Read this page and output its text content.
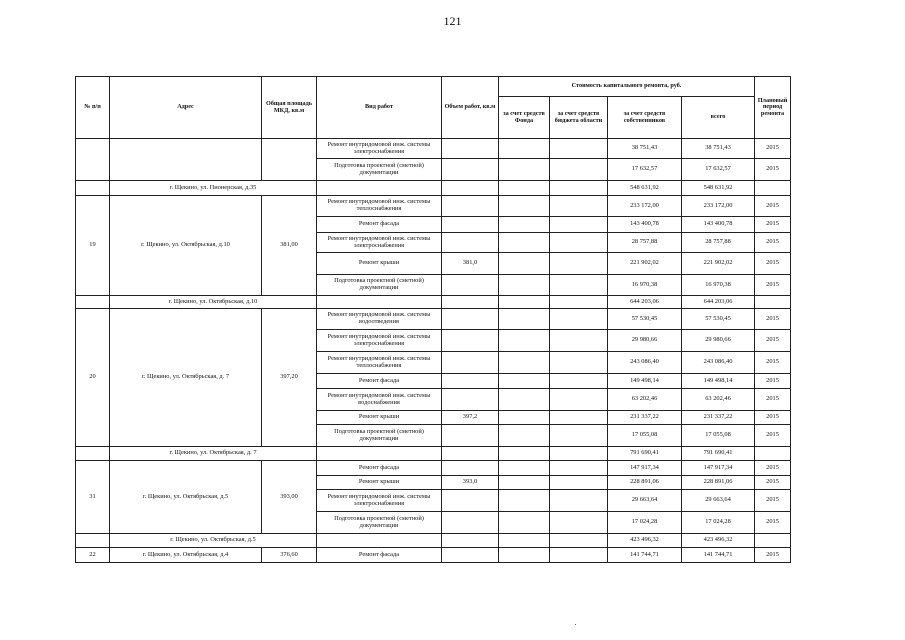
121
№ п/п	Адрес	Общая площадь МКД, кв.м	Вид работ	Объем работ, кв.м	Стоимость капитального ремонта, руб.				Плановый период ремонта
					за счет средств Фонда	за счет средств бюджета области	за счет средств собственников	всего	
			Ремонт внутридомовой инж. системы электроснабжения				38 751,43	38 751,43	2015
			Подготовка проектной (сметной) документации				17 632,57	17 632,57	2015
	г. Щекино, ул. Пионерская, д.35						548 631,92	548 631,92	
19	г. Щекино, ул. Октябрьская, д.10	381,00	Ремонт внутридомовой инж. системы теплоснабжения				233 172,00	233 172,00	2015
			Ремонт фасада				143 400,78	143 400,78	2015
			Ремонт внутридомовой инж. системы электроснабжения				28 757,88	28 757,88	2015
			Ремонт крыши	381,0			221 902,02	221 902,02	2015
			Подготовка проектной (сметной) документации				16 970,38	16 970,38	2015
	г. Щекино, ул. Октябрьская, д.10						644 203,06	644 203,06	
20	г. Щекино, ул. Октябрьская, д. 7	397,20	Ремонт внутридомовой инж. системы водоотведения				57 530,45	57 530,45	2015
			Ремонт внутридомовой инж. системы электроснабжения				29 980,66	29 980,66	2015
			Ремонт внутридомовой инж. системы теплоснабжения				243 086,40	243 086,40	2015
			Ремонт фасада				149 498,14	149 498,14	2015
			Ремонт внутридомовой инж. системы водоснабжения				63 202,46	63 202,46	2015
			Ремонт крыши	397,2			231 337,22	231 337,22	2015
			Подготовка проектной (сметной) документации				17 055,08	17 055,08	2015
	г. Щекино, ул. Октябрьская, д. 7						791 690,41	791 690,41	
31	г. Щекино, ул. Октябрьская, д.5	393,00	Ремонт фасада				147 917,34	147 917,34	2015
			Ремонт крыши	393,0			228 891,06	228 891,06	2015
			Ремонт внутридомовой инж. системы электроснабжения				29 663,64	29 663,64	2015
			Подготовка проектной (сметной) документации				17 024,28	17 024,28	2015
	г. Щекино, ул. Октябрьская, д.5						423 496,32	423 496,32	
22	г. Щекино, ул. Октябрьская, д.4	376,60	Ремонт фасада				141 744,71	141 744,71	2015
